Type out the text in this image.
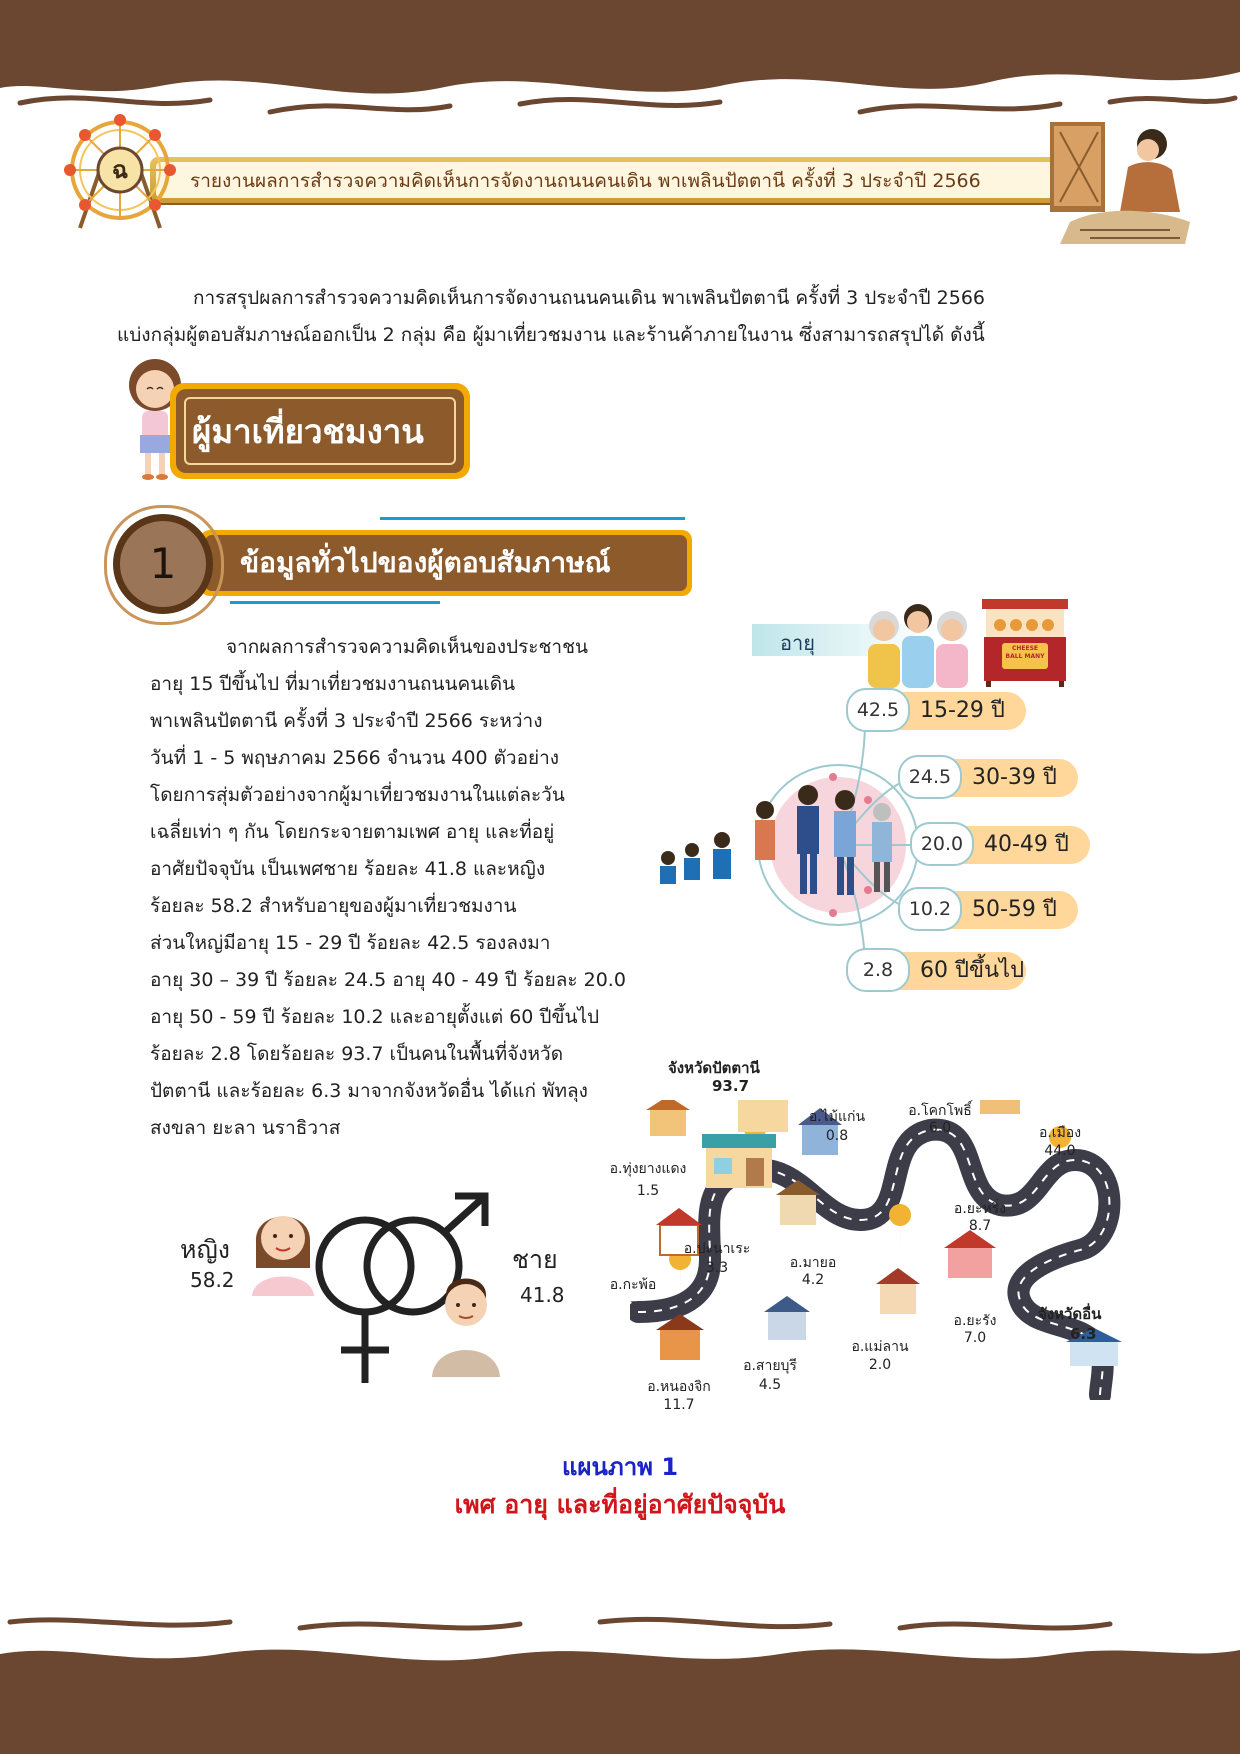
รายงานผลการสำรวจความคิดเห็นการจัดงานถนนคนเดิน พาเพลินปัตตานี ครั้งที่ 3 ประจำปี 2566
ฉ
การสรุปผลการสำรวจความคิดเห็นการจัดงานถนนคนเดิน พาเพลินปัตตานี ครั้งที่ 3 ประจำปี 2566
แบ่งกลุ่มผู้ตอบสัมภาษณ์ออกเป็น 2 กลุ่ม คือ ผู้มาเที่ยวชมงาน และร้านค้าภายในงาน ซึ่งสามารถสรุปได้ ดังนี้
ผู้มาเที่ยวชมงาน
ข้อมูลทั่วไปของผู้ตอบสัมภาษณ์
1
จากผลการสำรวจความคิดเห็นของประชาชน
อายุ 15 ปีขึ้นไป ที่มาเที่ยวชมงานถนนคนเดิน
พาเพลินปัตตานี ครั้งที่ 3 ประจำปี 2566 ระหว่าง
วันที่ 1 - 5 พฤษภาคม 2566 จำนวน 400 ตัวอย่าง
โดยการสุ่มตัวอย่างจากผู้มาเที่ยวชมงานในแต่ละวัน
เฉลี่ยเท่า ๆ กัน โดยกระจายตามเพศ อายุ และที่อยู่
อาศัยปัจจุบัน เป็นเพศชาย ร้อยละ 41.8 และหญิง
ร้อยละ 58.2 สำหรับอายุของผู้มาเที่ยวชมงาน
ส่วนใหญ่มีอายุ 15 - 29 ปี ร้อยละ 42.5 รองลงมา
อายุ 30 – 39 ปี ร้อยละ 24.5 อายุ 40 - 49 ปี ร้อยละ 20.0
อายุ 50 - 59 ปี ร้อยละ 10.2 และอายุตั้งแต่ 60 ปีขึ้นไป
ร้อยละ 2.8 โดยร้อยละ 93.7 เป็นคนในพื้นที่จังหวัด
ปัตตานี และร้อยละ 6.3 มาจากจังหวัดอื่น ได้แก่ พัทลุง
สงขลา ยะลา นราธิวาส
อายุ	CHEESE BALL MANY
42.5 15-29 ปี
24.5 30-39 ปี
20.0 40-49 ปี
10.2 50-59 ปี
2.8	60 ปีขึ้นไป
หญิง
58.2
ชาย
41.8
จังหวัดปัตตานี
93.7
จังหวัดอื่น
6.3
อ.ไม้แก่น
0.8
อ.โคกโพธิ์
6.0	อ.เมือง
44.0
อ.ทุ่งยางแดง
1.5
อ.ยะหริ่ง
8.7
อ.ปะนาเระ
3.3	อ.มายอ
4.2
อ.กะพ้อ
-
อ.ยะรัง
7.0
อ.แม่ลาน
2.0
อ.สายบุรี
4.5
อ.หนองจิก
11.7
แผนภาพ 1
เพศ อายุ และที่อยู่อาศัยปัจจุบัน
